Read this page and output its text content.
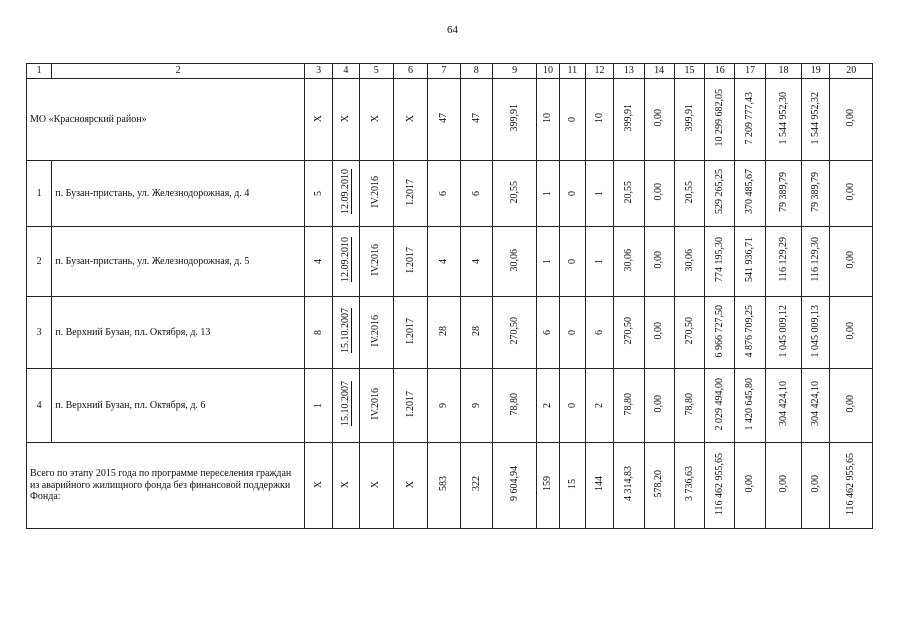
64
1	2	3	4	5	6	7	8	9	10	11	12	13	14	15	16	17	18	19	20
МО «Красноярский район»		Х	Х	Х	Х	47	47	399,91	10	0	10	399,91	0,00	399,91	10 299 682,05	7 209 777,43	1 544 952,30	1 544 952,32	0,00
1	п. Бузан-пристань, ул. Железнодорожная, д. 4	5	12.09.2010	IV.2016	I.2017	6	6	20,55	1	0	1	20,55	0,00	20,55	529 265,25	370 485,67	79 389,79	79 389,79	0,00
2	п. Бузан-пристань, ул. Железнодорожная, д. 5	4	12.09.2010	IV.2016	I.2017	4	4	30,06	1	0	1	30,06	0,00	30,06	774 195,30	541 936,71	116 129,29	116 129,30	0,00
3	п. Верхний Бузан, пл. Октября, д. 13	8	15.10.2007	IV.2016	I.2017	28	28	270,50	6	0	6	270,50	0,00	270,50	6 966 727,50	4 876 709,25	1 045 009,12	1 045 009,13	0,00
4	п. Верхний Бузан, пл. Октября, д. 6	1	15.10.2007	IV.2016	I.2017	9	9	78,80	2	0	2	78,80	0,00	78,80	2 029 494,00	1 420 645,80	304 424,10	304 424,10	0,00
Всего по этапу 2015 года по программе переселения граждан из аварийного жилищного фонда без финансовой поддержки Фонда:		Х	Х	Х	Х	583	322	9 604,94	159	15	144	4 314,83	578,20	3 736,63	116 462 955,65	0,00	0,00	0,00	116 462 955,65
